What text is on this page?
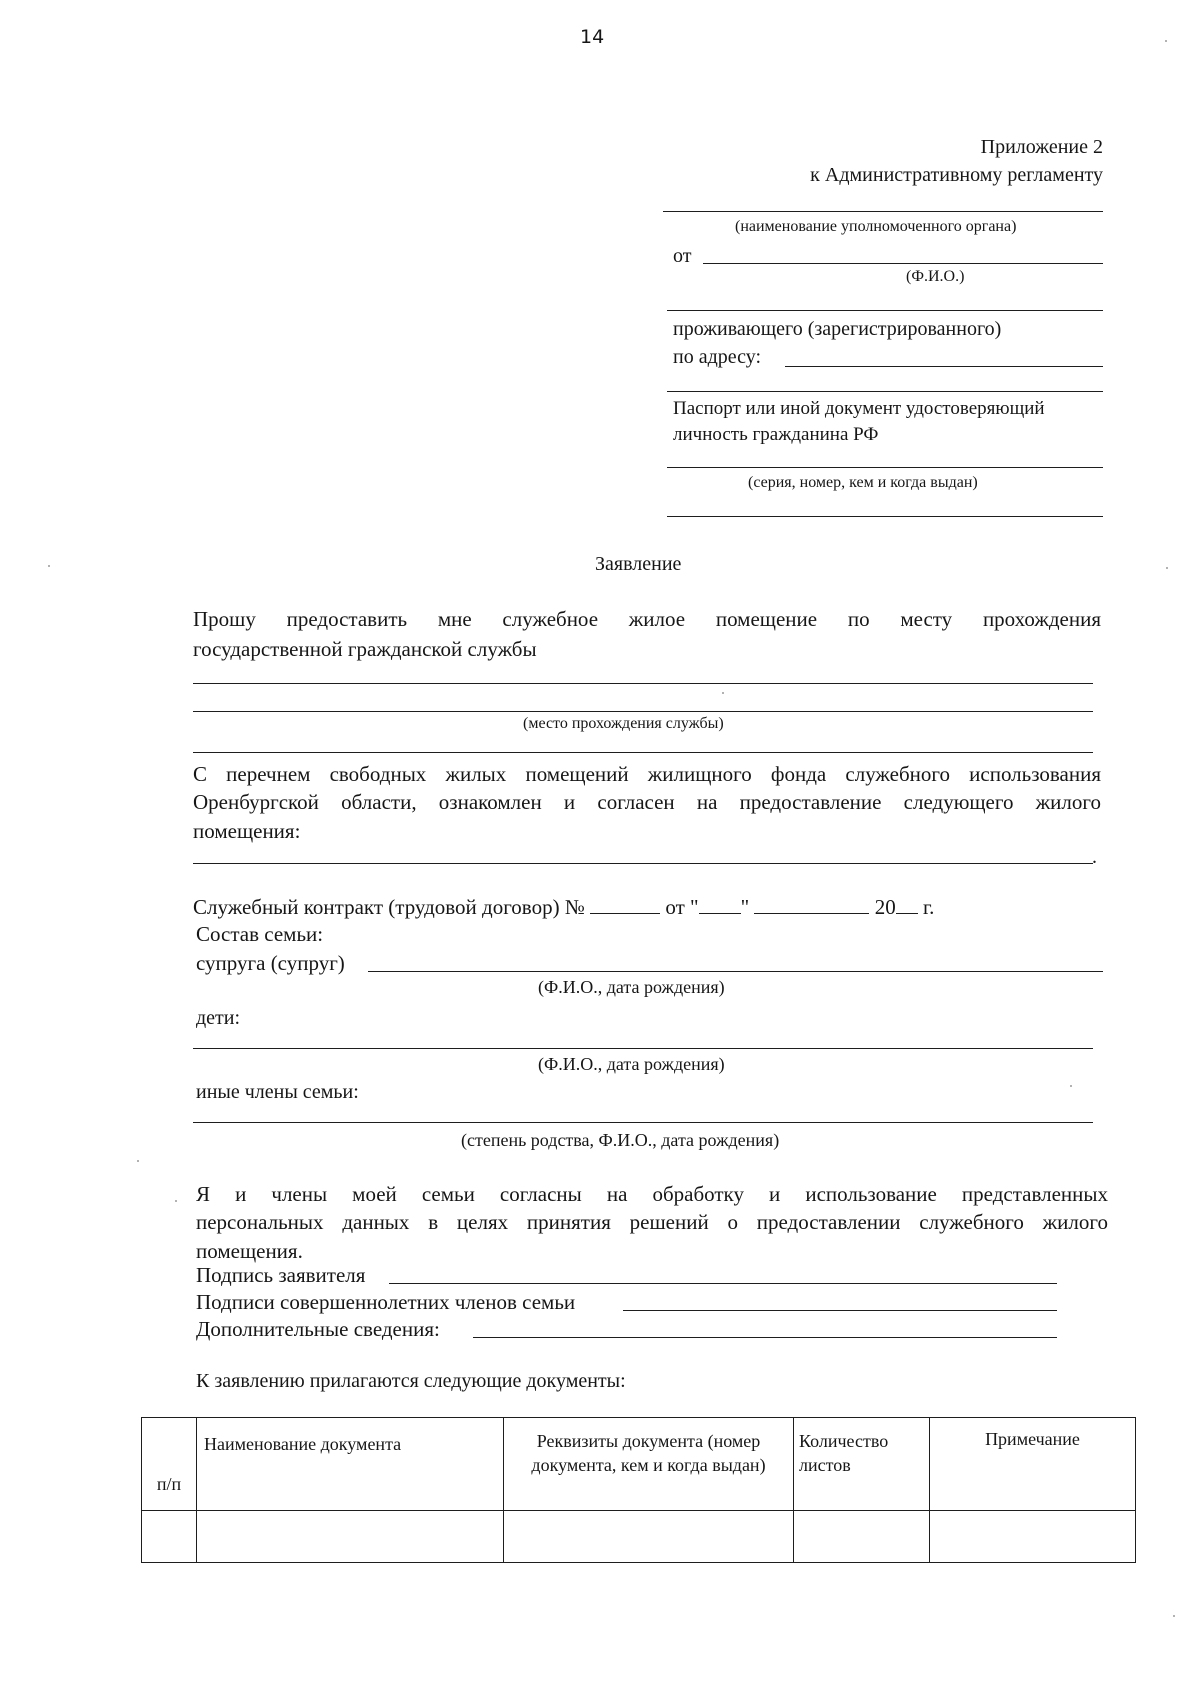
14
Приложение 2
к Административному регламенту
(наименование уполномоченного органа)
от
(Ф.И.О.)
проживающего (зарегистрированного)
по адресу:
Паспорт или иной документ удостоверяющий
личность гражданина РФ
(серия, номер, кем и когда выдан)
Заявление
Прошу предоставить мне служебное жилое помещение по месту прохождения
государственной гражданской службы
(место прохождения службы)
С перечнем свободных жилых помещений жилищного фонда служебного использования
Оренбургской области, ознакомлен и согласен на предоставление следующего жилого
помещения:
.
Служебный контракт (трудовой договор) №	от " "	20 г.
Состав семьи:
супруга (супруг)
(Ф.И.О., дата рождения)
дети:
(Ф.И.О., дата рождения)
иные члены семьи:
(степень родства, Ф.И.О., дата рождения)
Я и члены моей семьи согласны на обработку и использование представленных
персональных данных в целях принятия решений о предоставлении служебного жилого
помещения.
Подпись заявителя
Подписи совершеннолетних членов семьи
Дополнительные сведения:
К заявлению прилагаются следующие документы:
п/п	Наименование документа	Реквизиты документа (номер документа, кем и когда выдан)	Количество листов	Примечание
